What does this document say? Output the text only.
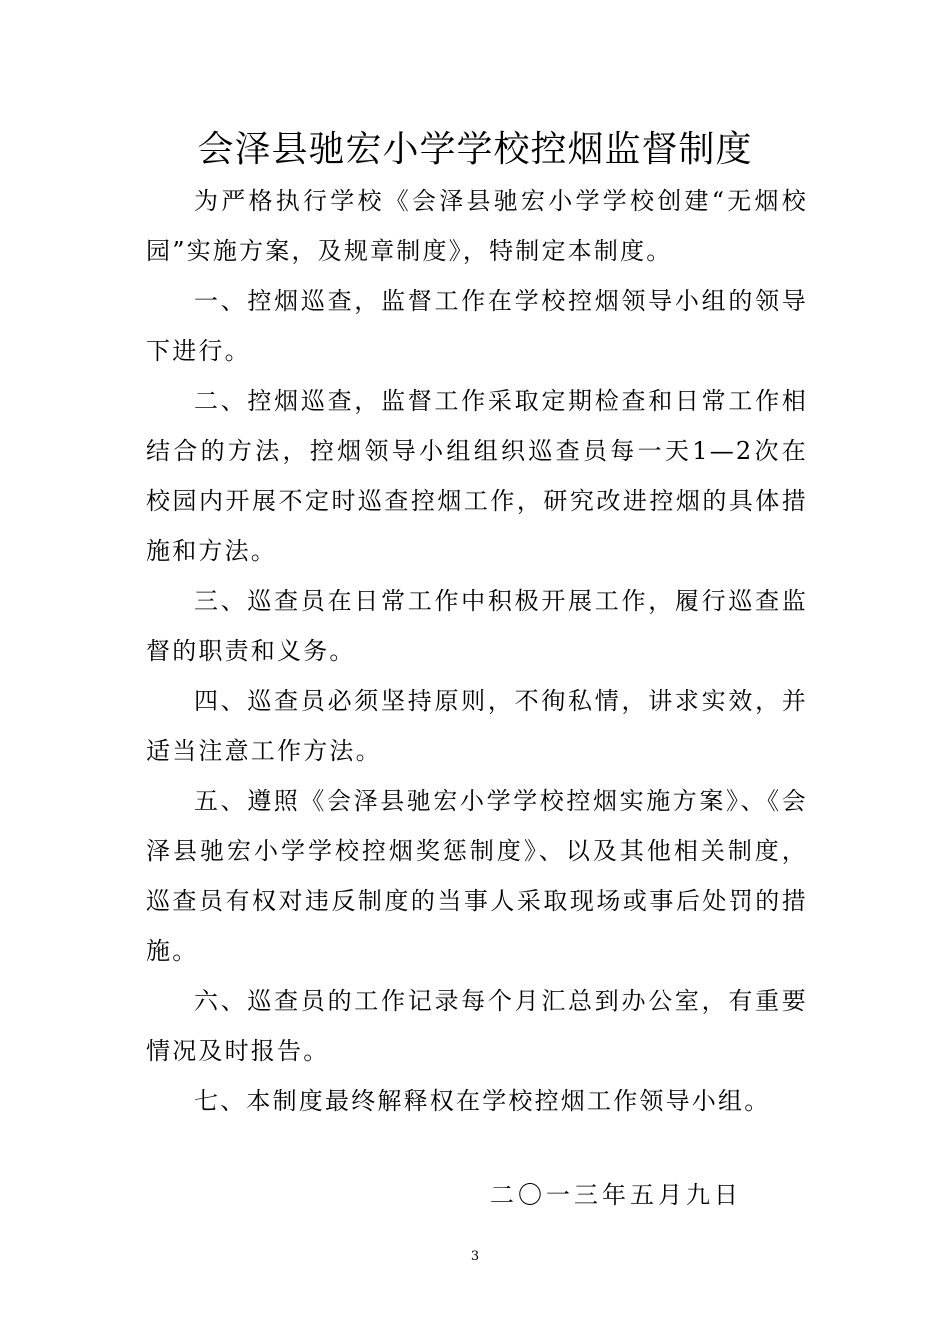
会泽县驰宏小学学校控烟监督制度

为严格执行学校《会泽县驰宏小学学校创建“无烟校园”实施方案，及规章制度》，特制定本制度。

一、控烟巡查，监督工作在学校控烟领导小组的领导下进行。

二、控烟巡查，监督工作采取定期检查和日常工作相结合的方法，控烟领导小组组织巡查员每一天1—2次在校园内开展不定时巡查控烟工作，研究改进控烟的具体措施和方法。

三、巡查员在日常工作中积极开展工作，履行巡查监督的职责和义务。

四、巡查员必须坚持原则，不徇私情，讲求实效，并适当注意工作方法。

五、遵照《会泽县驰宏小学学校控烟实施方案》、《会泽县驰宏小学学校控烟奖惩制度》、以及其他相关制度，巡查员有权对违反制度的当事人采取现场或事后处罚的措施。

六、巡查员的工作记录每个月汇总到办公室，有重要情况及时报告。

七、本制度最终解释权在学校控烟工作领导小组。

二〇一三年五月九日

3
